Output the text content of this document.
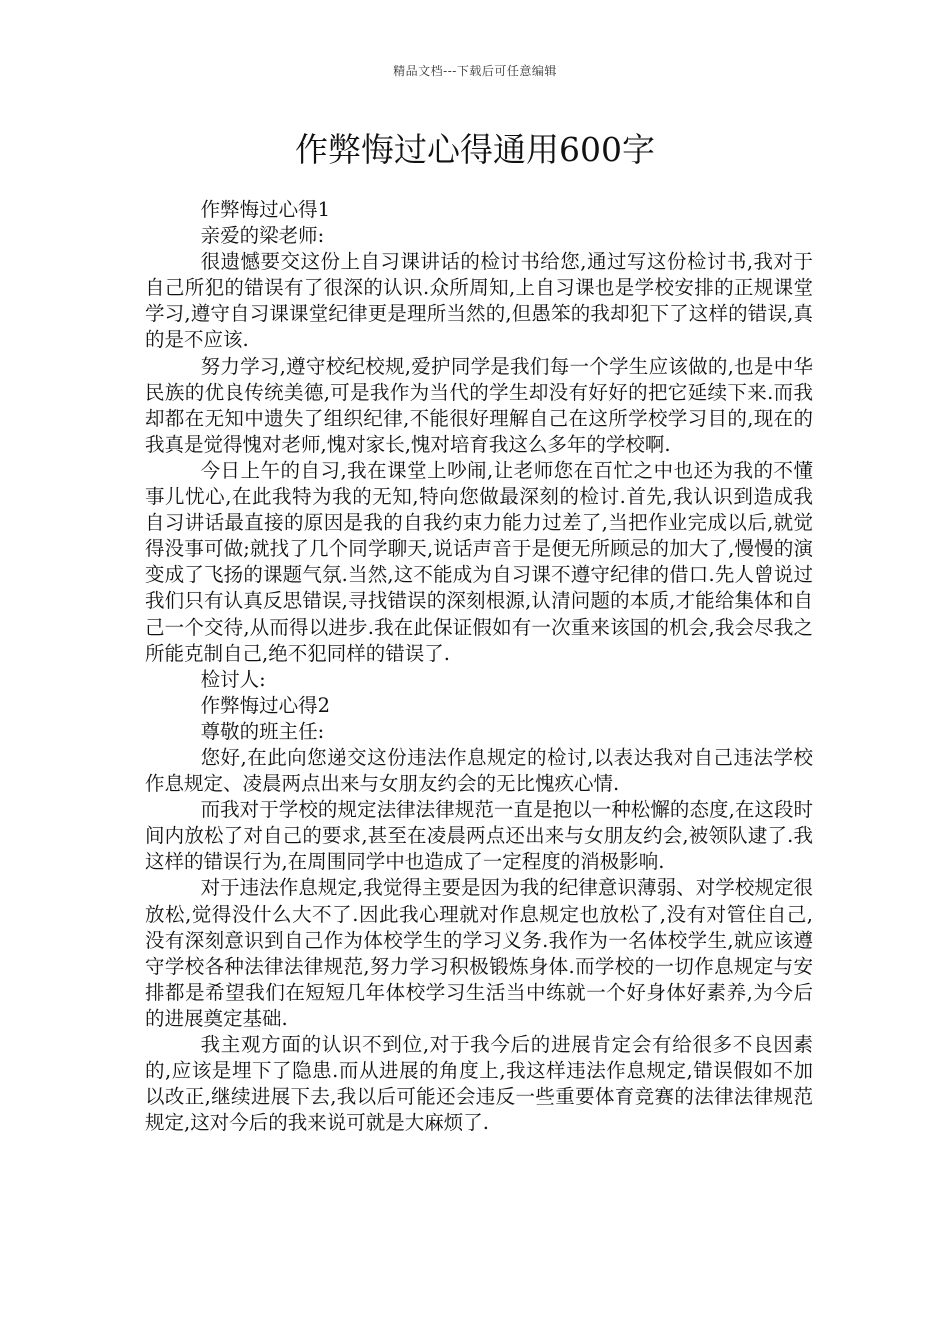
精品文档---下载后可任意编辑
作弊悔过心得通用600字

作弊悔过心得1

亲爱的梁老师:

很遗憾要交这份上自习课讲话的检讨书给您,通过写这份检讨书,我对于自己所犯的错误有了很深的认识.众所周知,上自习课也是学校安排的正规课堂学习,遵守自习课课堂纪律更是理所当然的,但愚笨的我却犯下了这样的错误,真的是不应该.

努力学习,遵守校纪校规,爱护同学是我们每一个学生应该做的,也是中华民族的优良传统美德,可是我作为当代的学生却没有好好的把它延续下来.而我却都在无知中遗失了组织纪律,不能很好理解自己在这所学校学习目的,现在的我真是觉得愧对老师,愧对家长,愧对培育我这么多年的学校啊.

今日上午的自习,我在课堂上吵闹,让老师您在百忙之中也还为我的不懂事儿忧心,在此我特为我的无知,特向您做最深刻的检讨.首先,我认识到造成我自习讲话最直接的原因是我的自我约束力能力过差了,当把作业完成以后,就觉得没事可做;就找了几个同学聊天,说话声音于是便无所顾忌的加大了,慢慢的演变成了飞扬的课题气氛.当然,这不能成为自习课不遵守纪律的借口.先人曾说过我们只有认真反思错误,寻找错误的深刻根源,认清问题的本质,才能给集体和自己一个交待,从而得以进步.我在此保证假如有一次重来该国的机会,我会尽我之所能克制自己,绝不犯同样的错误了.

检讨人:

作弊悔过心得2

尊敬的班主任:

您好,在此向您递交这份违法作息规定的检讨,以表达我对自己违法学校作息规定、凌晨两点出来与女朋友约会的无比愧疚心情.

而我对于学校的规定法律法律规范一直是抱以一种松懈的态度,在这段时间内放松了对自己的要求,甚至在凌晨两点还出来与女朋友约会,被领队逮了.我这样的错误行为,在周围同学中也造成了一定程度的消极影响.

对于违法作息规定,我觉得主要是因为我的纪律意识薄弱、对学校规定很放松,觉得没什么大不了.因此我心理就对作息规定也放松了,没有对管住自己,没有深刻意识到自己作为体校学生的学习义务.我作为一名体校学生,就应该遵守学校各种法律法律规范,努力学习积极锻炼身体.而学校的一切作息规定与安排都是希望我们在短短几年体校学习生活当中练就一个好身体好素养,为今后的进展奠定基础.

我主观方面的认识不到位,对于我今后的进展肯定会有给很多不良因素的,应该是埋下了隐患.而从进展的角度上,我这样违法作息规定,错误假如不加以改正,继续进展下去,我以后可能还会违反一些重要体育竞赛的法律法律规范规定,这对今后的我来说可就是大麻烦了.
